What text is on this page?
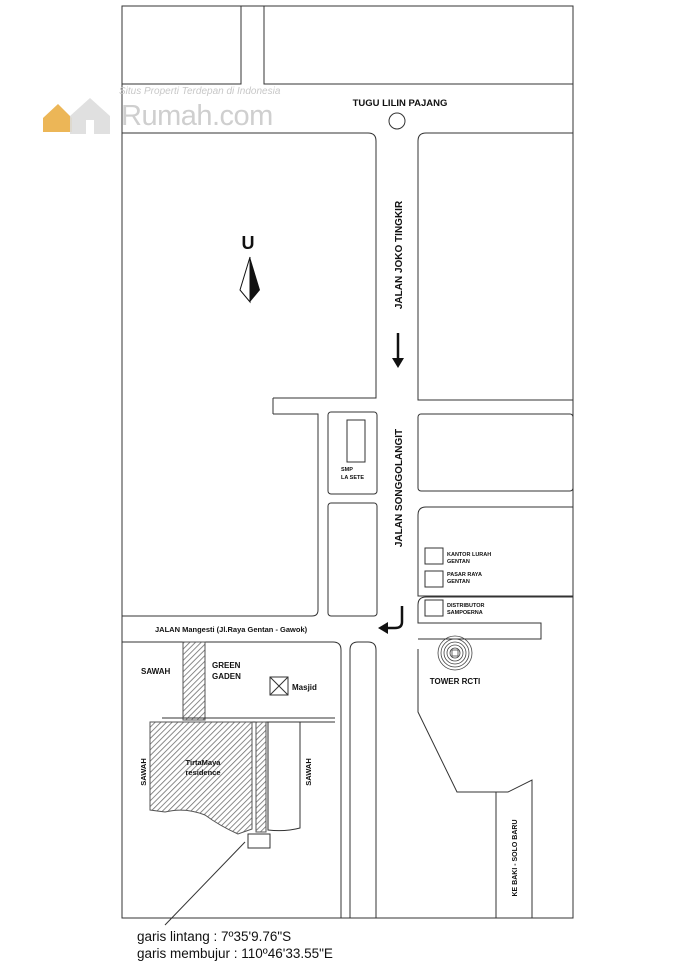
U
TUGU LILIN PAJANG
JALAN JOKO TINGKIR
JALAN SONGGOLANGIT
JALAN Mangesti (Jl.Raya Gentan - Gawok)
KE BAKI - SOLO BARU
SMP
LA SETE
KANTOR LURAH
GENTAN
PASAR RAYA
GENTAN
DISTRIBUTOR
SAMPOERNA
TOWER RCTI
Masjid
SAWAH
GREEN
GADEN
TirtaMaya
residence
SAWAH	SAWAH
Situs Properti Terdepan di Indonesia
Rumah.com
garis lintang : 7º35'9.76"S
garis membujur : 110º46'33.55"E
